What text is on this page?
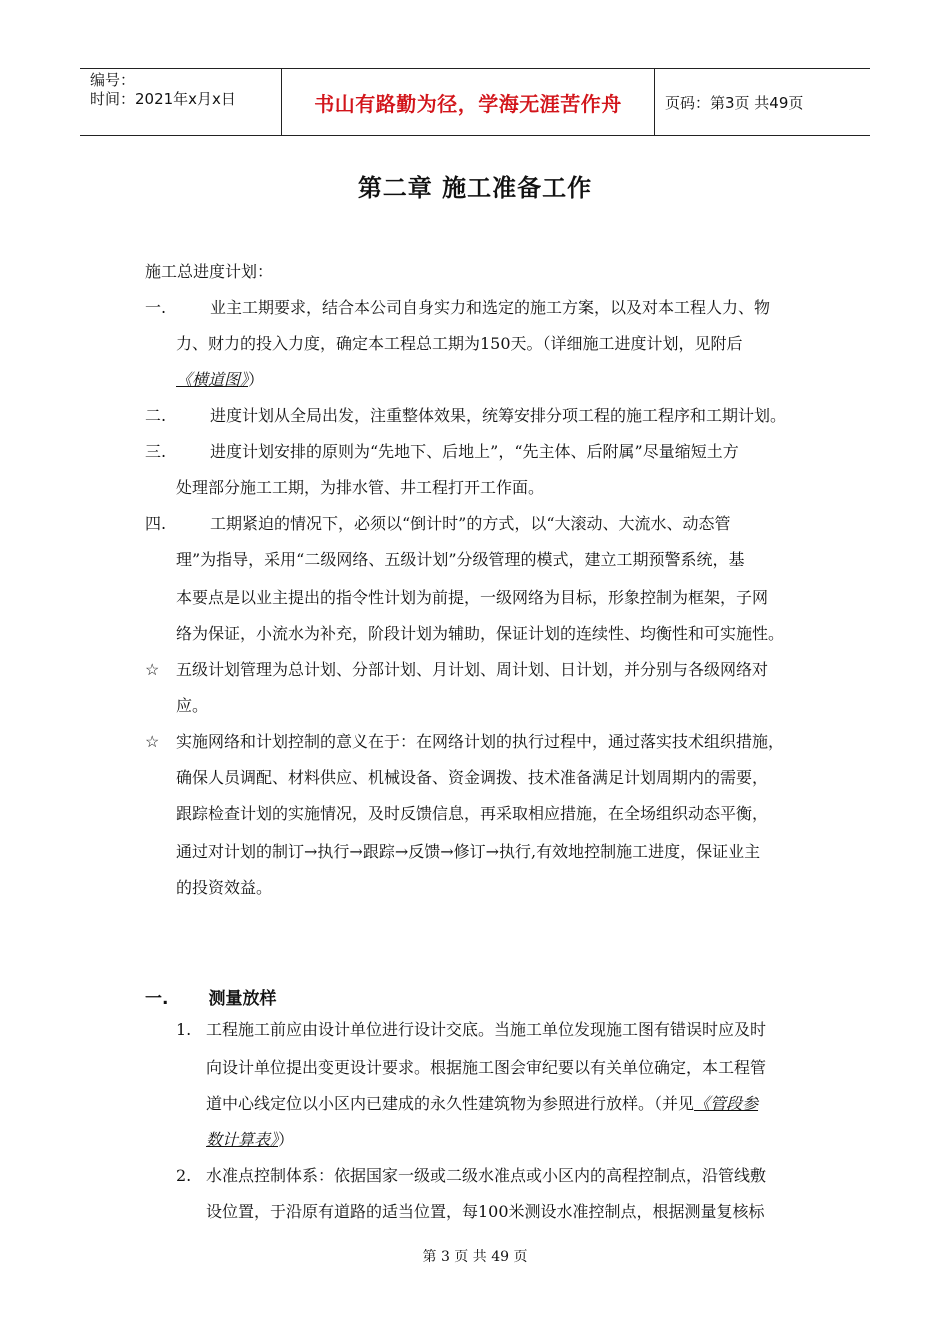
编号：
时间：2021年x月x日	书山有路勤为径，学海无涯苦作舟	页码：第3页 共49页
第二章 施工准备工作
施工总进度计划：
一.	业主工期要求，结合本公司自身实力和选定的施工方案，以及对本工程人力、物
力、财力的投入力度，确定本工程总工期为150天。（详细施工进度计划，见附后
《横道图》）
二.	进度计划从全局出发，注重整体效果，统筹安排分项工程的施工程序和工期计划。
三.	进度计划安排的原则为“先地下、后地上”，“先主体、后附属”尽量缩短土方
处理部分施工工期，为排水管、井工程打开工作面。
四.	工期紧迫的情况下，必须以“倒计时”的方式，以“大滚动、大流水、动态管
理”为指导，采用“二级网络、五级计划”分级管理的模式，建立工期预警系统，基
本要点是以业主提出的指令性计划为前提，一级网络为目标，形象控制为框架，子网
络为保证，小流水为补充，阶段计划为辅助，保证计划的连续性、均衡性和可实施性。
☆ 五级计划管理为总计划、分部计划、月计划、周计划、日计划，并分别与各级网络对
应。
☆ 实施网络和计划控制的意义在于：在网络计划的执行过程中，通过落实技术组织措施，
确保人员调配、材料供应、机械设备、资金调拨、技术准备满足计划周期内的需要，
跟踪检查计划的实施情况，及时反馈信息，再采取相应措施，在全场组织动态平衡，
通过对计划的制订→执行→跟踪→反馈→修订→执行,有效地控制施工进度，保证业主
的投资效益。
一. 测量放样
1. 工程施工前应由设计单位进行设计交底。当施工单位发现施工图有错误时应及时
向设计单位提出变更设计要求。根据施工图会审纪要以有关单位确定，本工程管
道中心线定位以小区内已建成的永久性建筑物为参照进行放样。（并见《管段参
数计算表》）
2. 水准点控制体系：依据国家一级或二级水准点或小区内的高程控制点，沿管线敷
设位置，于沿原有道路的适当位置，每100米测设水准控制点，根据测量复核标
第 3 页 共 49 页
